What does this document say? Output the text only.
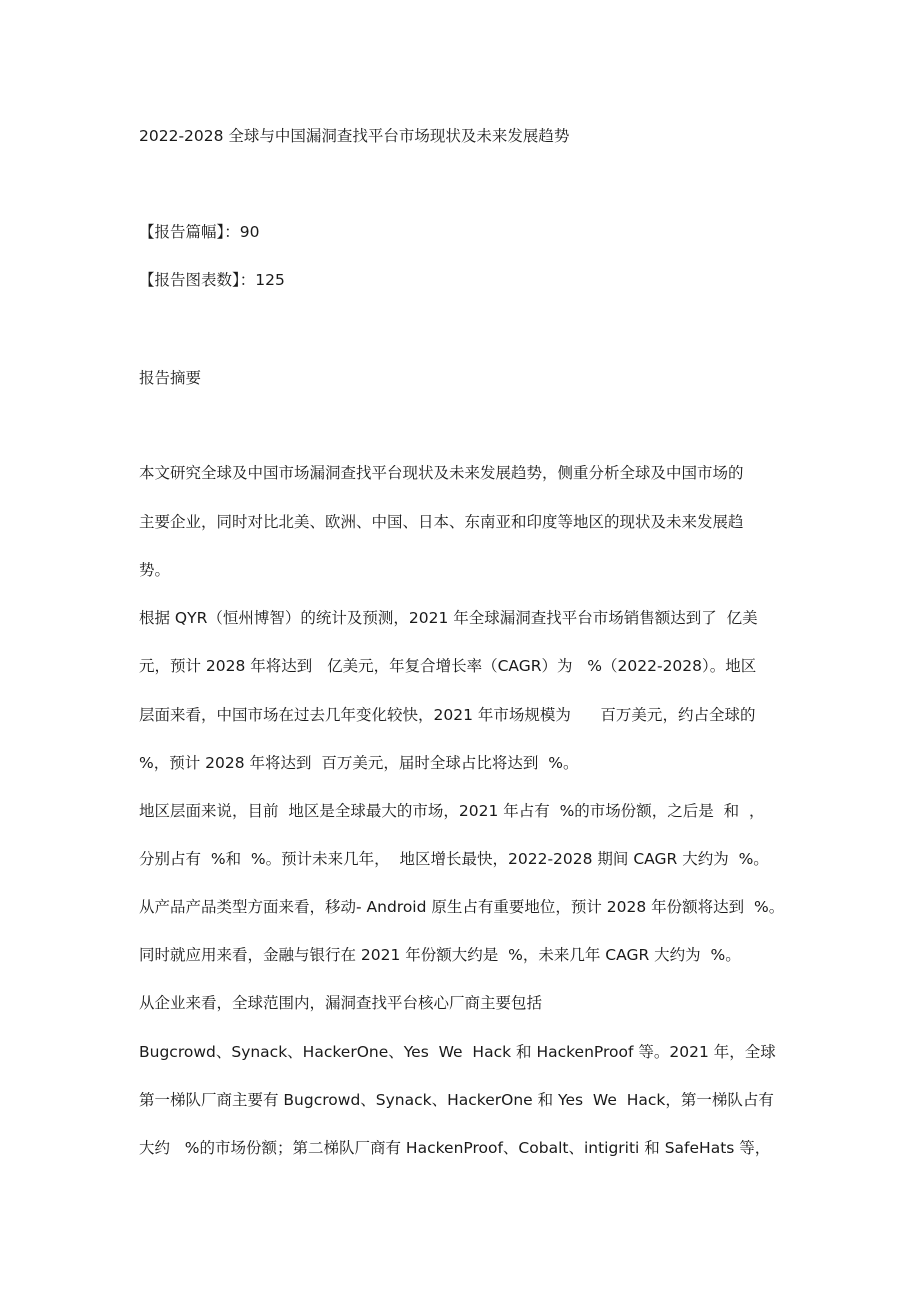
2022-2028 全球与中国漏洞查找平台市场现状及未来发展趋势
【报告篇幅】：90
【报告图表数】：125
报告摘要
本文研究全球及中国市场漏洞查找平台现状及未来发展趋势，侧重分析全球及中国市场的
主要企业，同时对比北美、欧洲、中国、日本、东南亚和印度等地区的现状及未来发展趋
势。
根据 QYR（恒州博智）的统计及预测，2021 年全球漏洞查找平台市场销售额达到了  亿美
元，预计 2028 年将达到   亿美元，年复合增长率（CAGR）为   %（2022-2028）。地区
层面来看，中国市场在过去几年变化较快，2021 年市场规模为      百万美元，约占全球的
%，预计 2028 年将达到  百万美元，届时全球占比将达到  %。
地区层面来说，目前  地区是全球最大的市场，2021 年占有  %的市场份额，之后是  和  ，
分别占有  %和  %。预计未来几年，  地区增长最快，2022-2028 期间 CAGR 大约为  %。
从产品产品类型方面来看，移动- Android 原生占有重要地位，预计 2028 年份额将达到  %。
同时就应用来看，金融与银行在 2021 年份额大约是  %，未来几年 CAGR 大约为  %。
从企业来看，全球范围内，漏洞查找平台核心厂商主要包括
Bugcrowd、Synack、HackerOne、Yes  We  Hack 和 HackenProof 等。2021 年，全球
第一梯队厂商主要有 Bugcrowd、Synack、HackerOne 和 Yes  We  Hack，第一梯队占有
大约   %的市场份额；第二梯队厂商有 HackenProof、Cobalt、intigriti 和 SafeHats 等，
